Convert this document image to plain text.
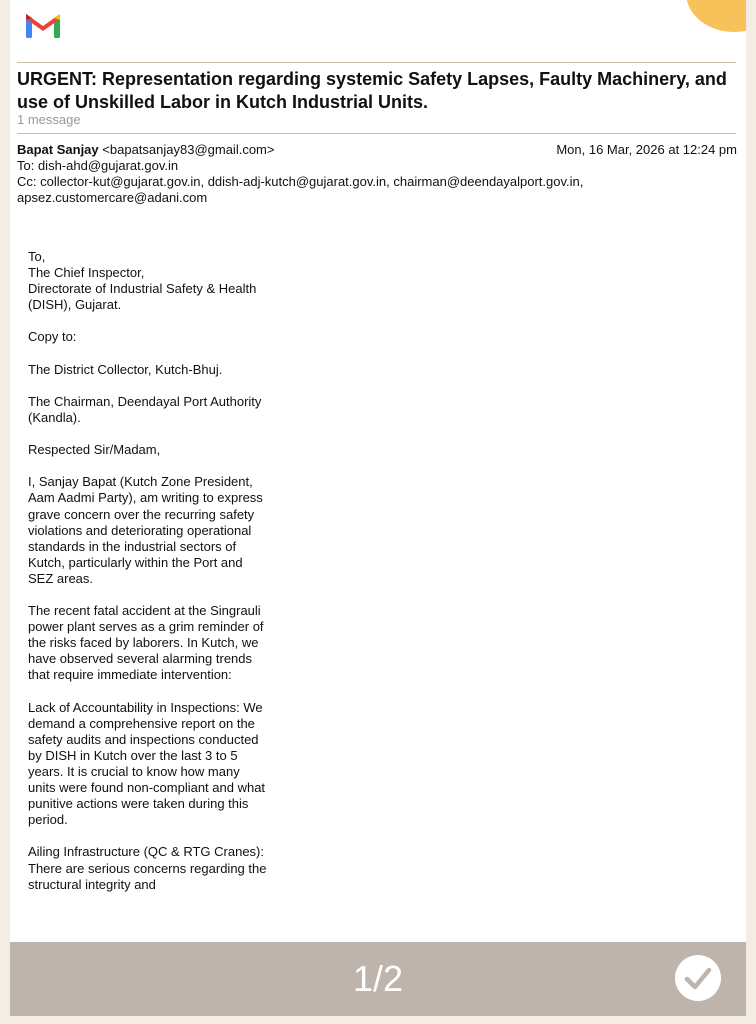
URGENT: Representation regarding systemic Safety Lapses, Faulty Machinery, and use of Unskilled Labor in Kutch Industrial Units.
1 message
Bapat Sanjay <bapatsanjay83@gmail.com>	Mon, 16 Mar, 2026 at 12:24 pm
To: dish-ahd@gujarat.gov.in
Cc: collector-kut@gujarat.gov.in, ddish-adj-kutch@gujarat.gov.in, chairman@deendayalport.gov.in, apsez.customercare@adani.com

To,
The Chief Inspector,
Directorate of Industrial Safety & Health (DISH), Gujarat.

Copy to:

The District Collector, Kutch-Bhuj.

The Chairman, Deendayal Port Authority (Kandla).

Respected Sir/Madam,

I, Sanjay Bapat (Kutch Zone President, Aam Aadmi Party), am writing to express grave concern over the recurring safety violations and deteriorating operational standards in the industrial sectors of Kutch, particularly within the Port and SEZ areas.

The recent fatal accident at the Singrauli power plant serves as a grim reminder of the risks faced by laborers. In Kutch, we have observed several alarming trends that require immediate intervention:

Lack of Accountability in Inspections: We demand a comprehensive report on the safety audits and inspections conducted by DISH in Kutch over the last 3 to 5 years. It is crucial to know how many units were found non-compliant and what punitive actions were taken during this period.

Ailing Infrastructure (QC & RTG Cranes): There are serious concerns regarding the structural integrity and

1/2
